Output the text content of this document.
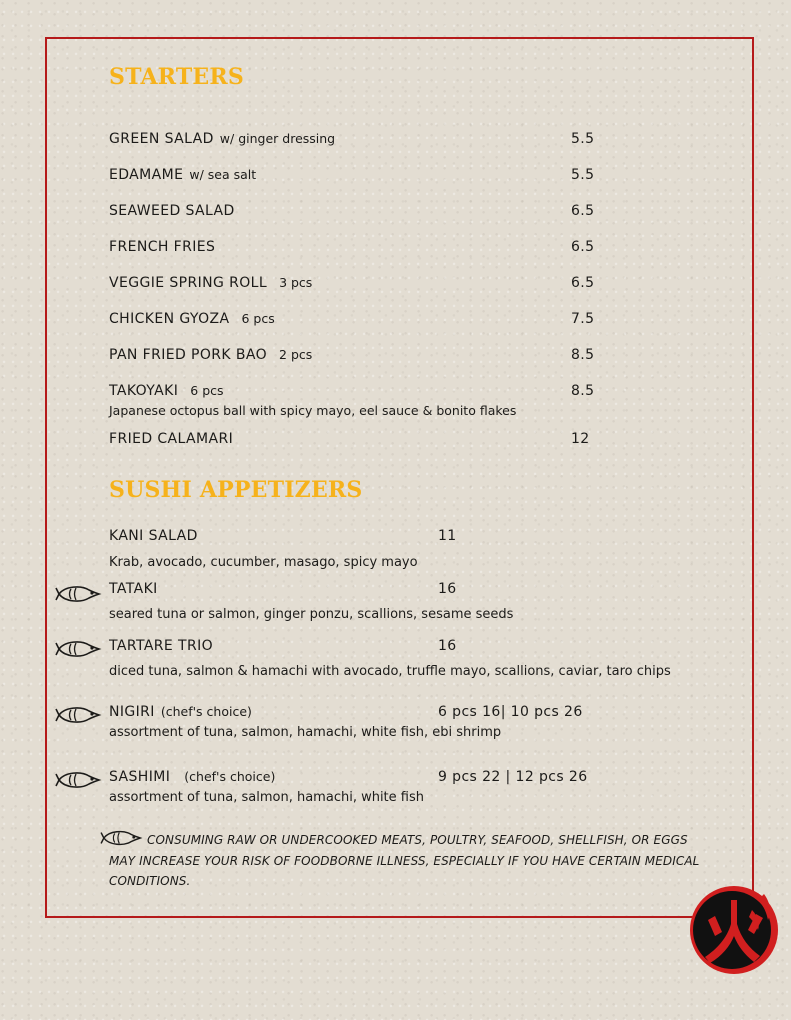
STARTERS
GREEN SALAD w/ ginger dressing	5.5
EDAMAME w/ sea salt	5.5
SEAWEED SALAD	6.5
FRENCH FRIES	6.5
VEGGIE SPRING ROLL 3 pcs	6.5
CHICKEN GYOZA 6 pcs	7.5
PAN FRIED PORK BAO 2 pcs	8.5
TAKOYAKI 6 pcs	8.5
Japanese octopus ball with spicy mayo, eel sauce & bonito flakes
FRIED CALAMARI	12
SUSHI APPETIZERS
KANI SALAD	11
Krab, avocado, cucumber, masago, spicy mayo
TATAKI	16
seared tuna or salmon, ginger ponzu, scallions, sesame seeds
TARTARE TRIO	16
diced tuna, salmon & hamachi with avocado, truffle mayo, scallions, caviar, taro chips
NIGIRI (chef's choice)	6 pcs 16| 10 pcs 26
assortment of tuna, salmon, hamachi, white fish, ebi shrimp
SASHIMI (chef's choice)	9 pcs 22 | 12 pcs 26
assortment of tuna, salmon, hamachi, white fish
CONSUMING RAW OR UNDERCOOKED MEATS, POULTRY, SEAFOOD, SHELLFISH, OR EGGS MAY INCREASE YOUR RISK OF FOODBORNE ILLNESS, ESPECIALLY IF YOU HAVE CERTAIN MEDICAL CONDITIONS.
